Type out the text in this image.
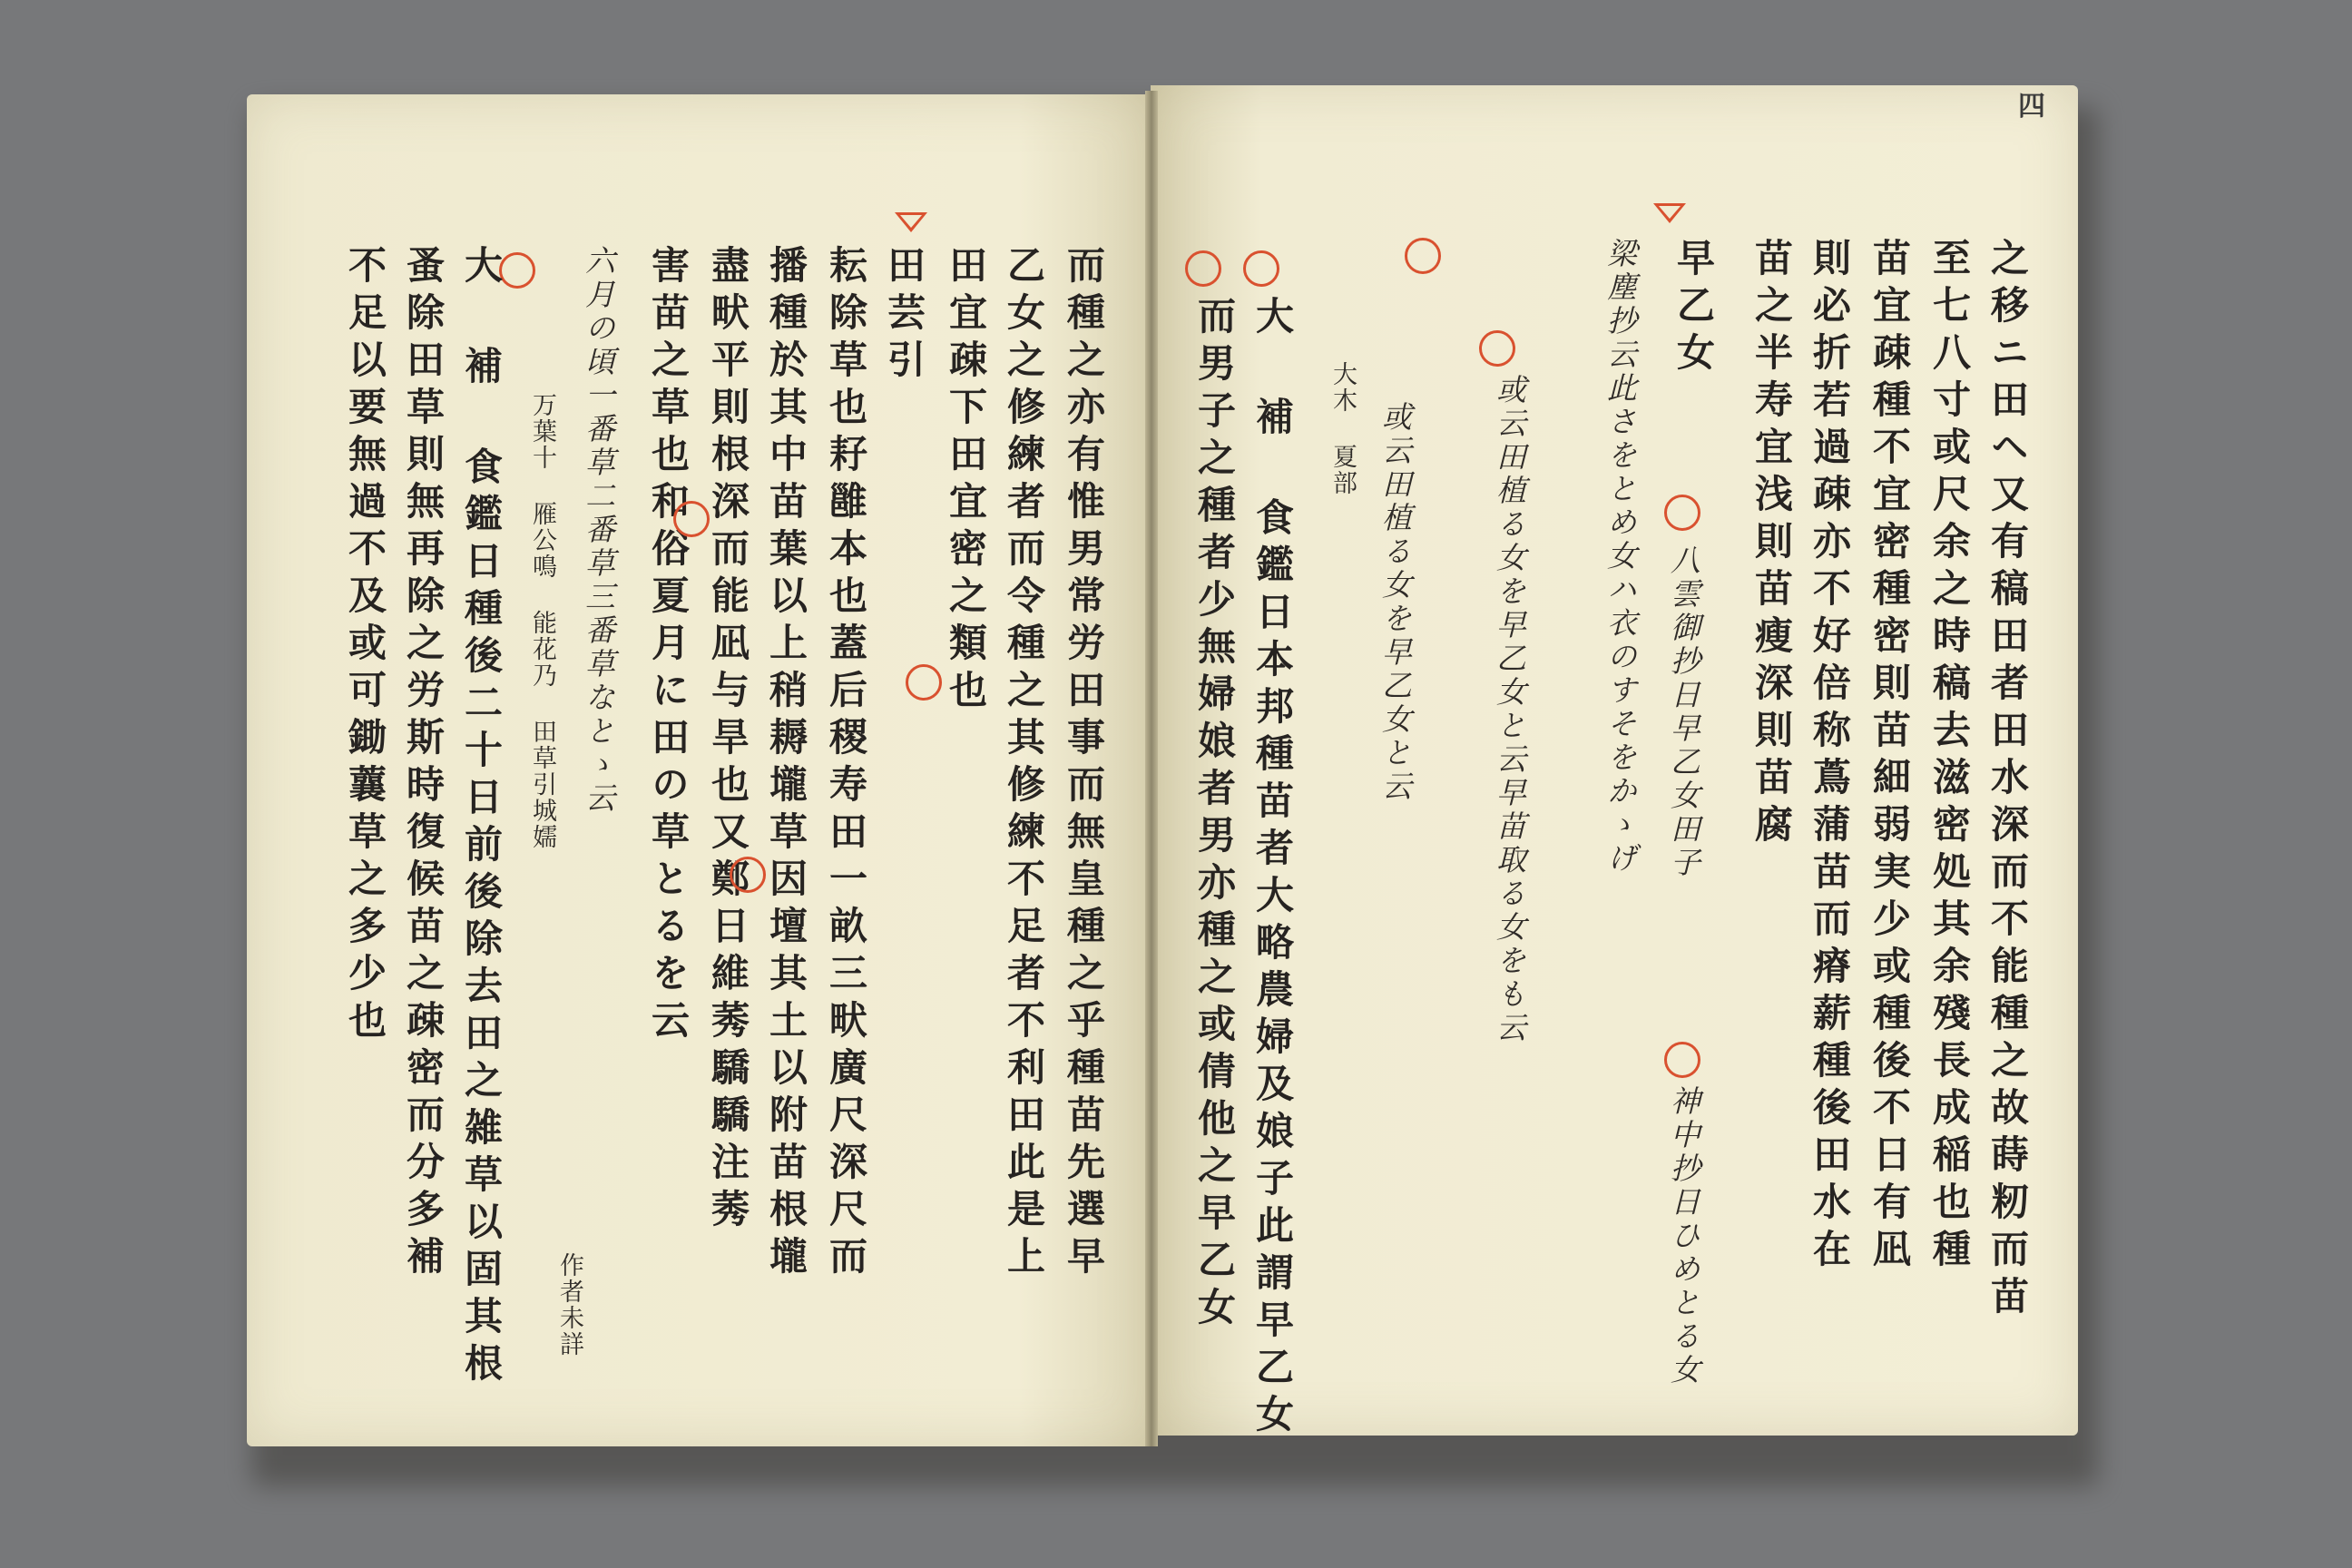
四
之移ニ田ヘ又有稿田者田水深而不能種之故蒔籾而苗
至七八寸或尺余之時稿去滋密処其余殘長成稲也種
苗宜疎種不宜密種密則苗細弱実少或種後不日有凪
則必折若過疎亦不好倍称蔦蒲苗而瘠薪種後田水在
苗之半寿宜浅則苗瘦深則苗腐
早乙女
八雲御抄日早乙女田子
神中抄日ひめとる女
梁塵抄云此さをとめ女ハ衣のすそをかゝげ
或云田植る女を早乙女と云早苗取る女をも云
或云田植る女を早乙女と云
大木 夏部
大 補 食鑑日本邦種苗者大略農婦及娘子此謂早乙女
而男子之種者少無婦娘者男亦種之或倩他之早乙女
而種之亦有惟男常労田事而無皇種之乎種苗先選早
乙女之修練者而令種之其修練不足者不利田此是上
田宜疎下田宜密之類也
田芸引
耘除草也耔雝本也蓋后稷寿田一畝三畎廣尺深尺而
播種於其中苗葉以上稍耨壠草因壇其土以附苗根壠
盡畎平則根深而能凪与旱也又鄭日維莠驕驕注莠
害苗之草也和俗夏月に田の草とるを云
六月の頃一番草二番草三番草なとゝ云
万葉十 雁公鳴 能花乃 田草引城嬬
作者未詳
大 補 食鑑日種後二十日前後除去田之雑草以固其根
蚤除田草則無再除之労斯時復候苗之疎密而分多補
不足以要無過不及或可鋤蘘草之多少也
